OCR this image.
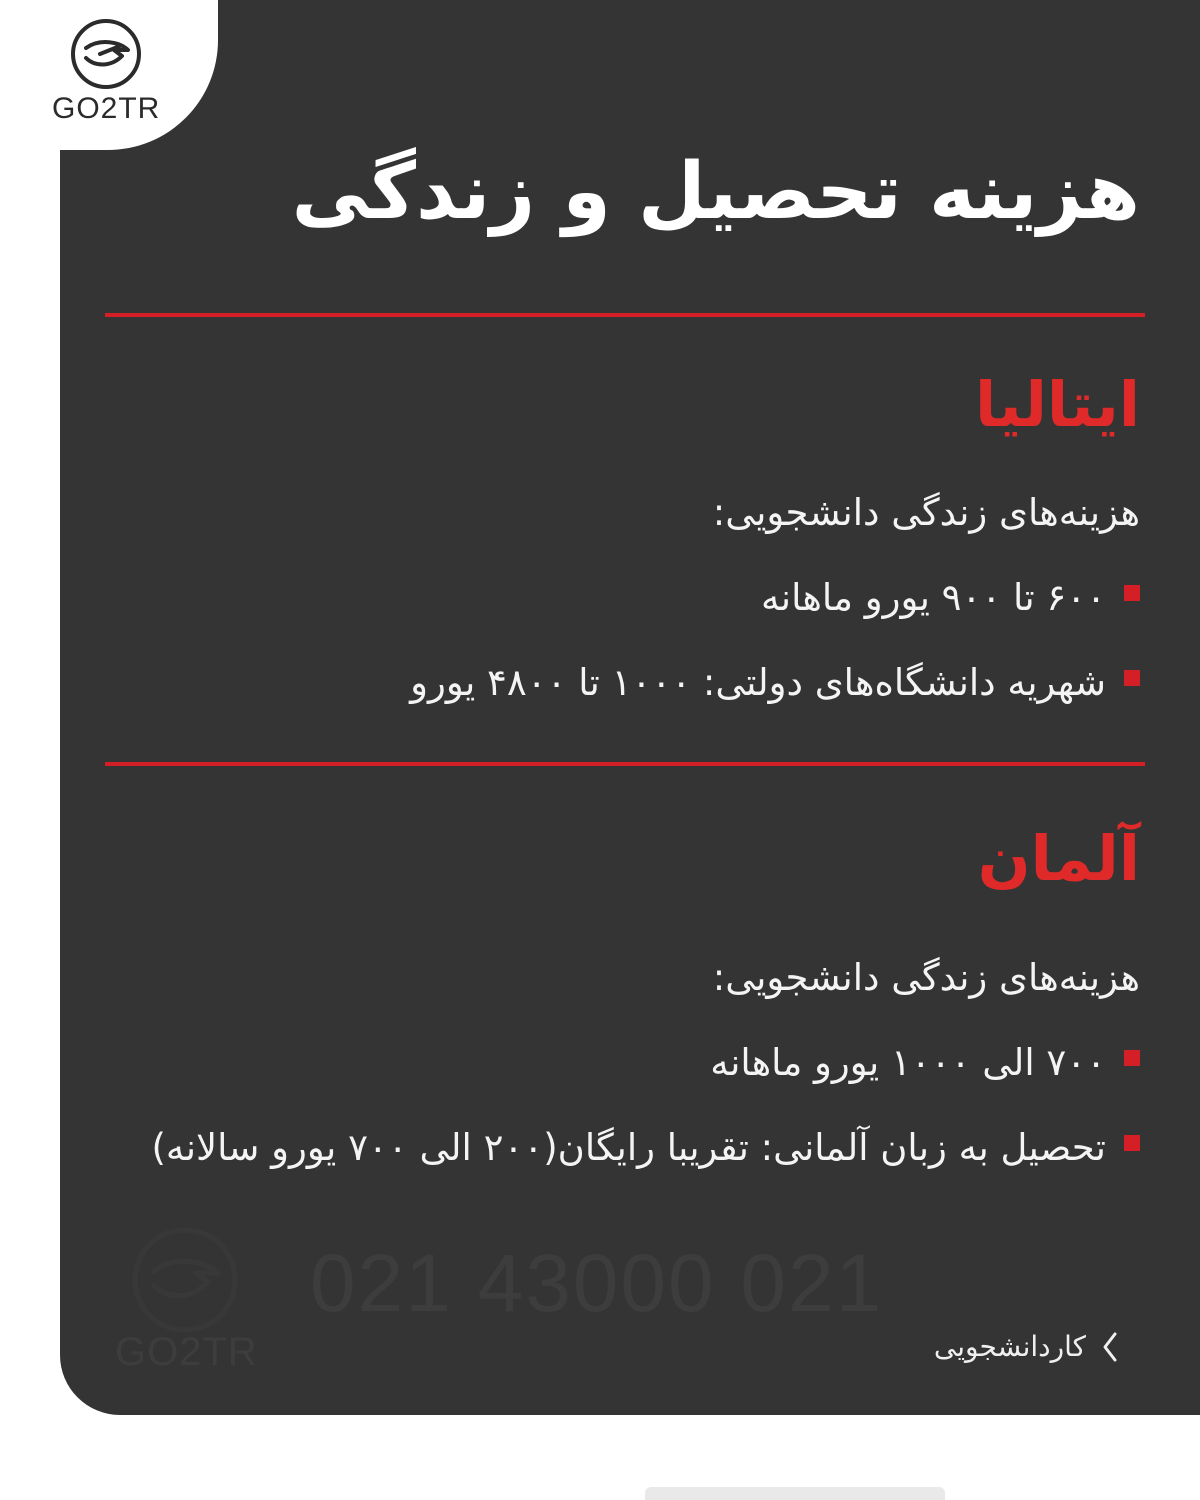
GO2TR
هزینه تحصیل و زندگی
ایتالیا
هزینه‌های زندگی دانشجویی:
۶۰۰ تا ۹۰۰ یورو ماهانه
شهریه دانشگاه‌های دولتی: ۱۰۰۰ تا ۴۸۰۰ یورو
آلمان
هزینه‌های زندگی دانشجویی:
۷۰۰ الی ۱۰۰۰ یورو ماهانه
تحصیل به زبان آلمانی: تقریبا رایگان(۲۰۰ الی ۷۰۰ یورو سالانه)
021 43000 021
GO2TR	کاردانشجویی
